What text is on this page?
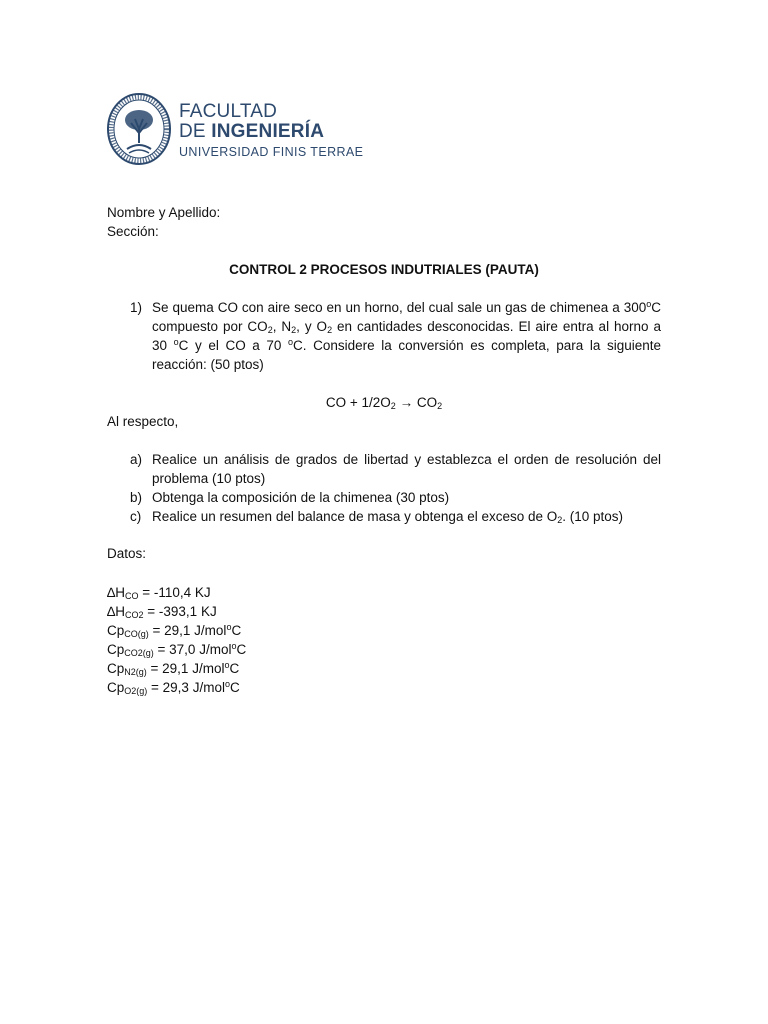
FACULTAD
DE INGENIERÍA
UNIVERSIDAD FINIS TERRAE
Nombre y Apellido:
Sección:
CONTROL 2 PROCESOS INDUTRIALES (PAUTA)
1) Se quema CO con aire seco en un horno, del cual sale un gas de chimenea a 300$^o$C compuesto por $CO_2$, $N_2$, y $O_2$ en cantidades desconocidas. El aire entra al horno a 30 $^o$C y el CO a 70 $^o$C. Considere la conversión es completa, para la siguiente reacción: (50 ptos)
CO + $1/2O_2 \to CO_2$
Al respecto,
a) Realice un análisis de grados de libertad y establezca el orden de resolución del problema (10 ptos)
b) Obtenga la composición de la chimenea (30 ptos)
c) Realice un resumen del balance de masa y obtenga el exceso de $O_2$. (10 ptos)
Datos:
$\Delta H_{CO} = -110,4$ KJ
$\Delta H_{CO2} = -393,1$ KJ
$Cp_{CO(g)} = 29,1$ J/mol$^o$C
$Cp_{CO2(g)} = 37,0$ J/mol$^o$C
$Cp_{N2(g)} = 29,1$ J/mol$^o$C
$Cp_{O2(g)} = 29,3$ J/mol$^o$C
